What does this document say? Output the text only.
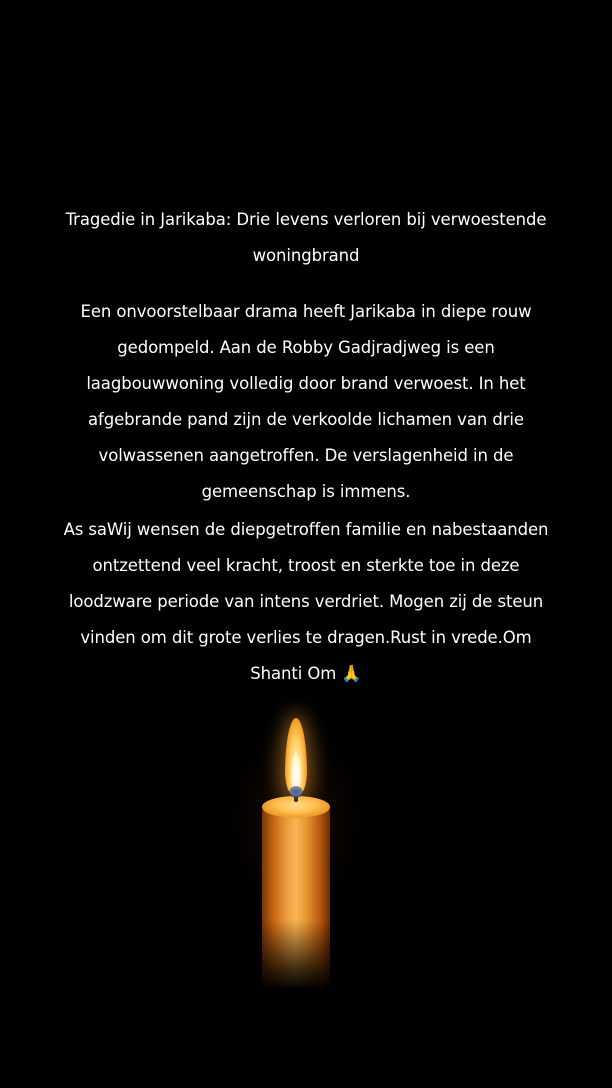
Tragedie in Jarikaba: Drie levens verloren bij verwoestende
woningbrand
Een onvoorstelbaar drama heeft Jarikaba in diepe rouw
gedompeld. Aan de Robby Gadjradjweg is een
laagbouwwoning volledig door brand verwoest. In het
afgebrande pand zijn de verkoolde lichamen van drie
volwassenen aangetroffen. De verslagenheid in de
gemeenschap is immens.
As saWij wensen de diepgetroffen familie en nabestaanden
ontzettend veel kracht, troost en sterkte toe in deze
loodzware periode van intens verdriet. Mogen zij de steun
vinden om dit grote verlies te dragen.Rust in vrede.Om
Shanti Om 🙏
